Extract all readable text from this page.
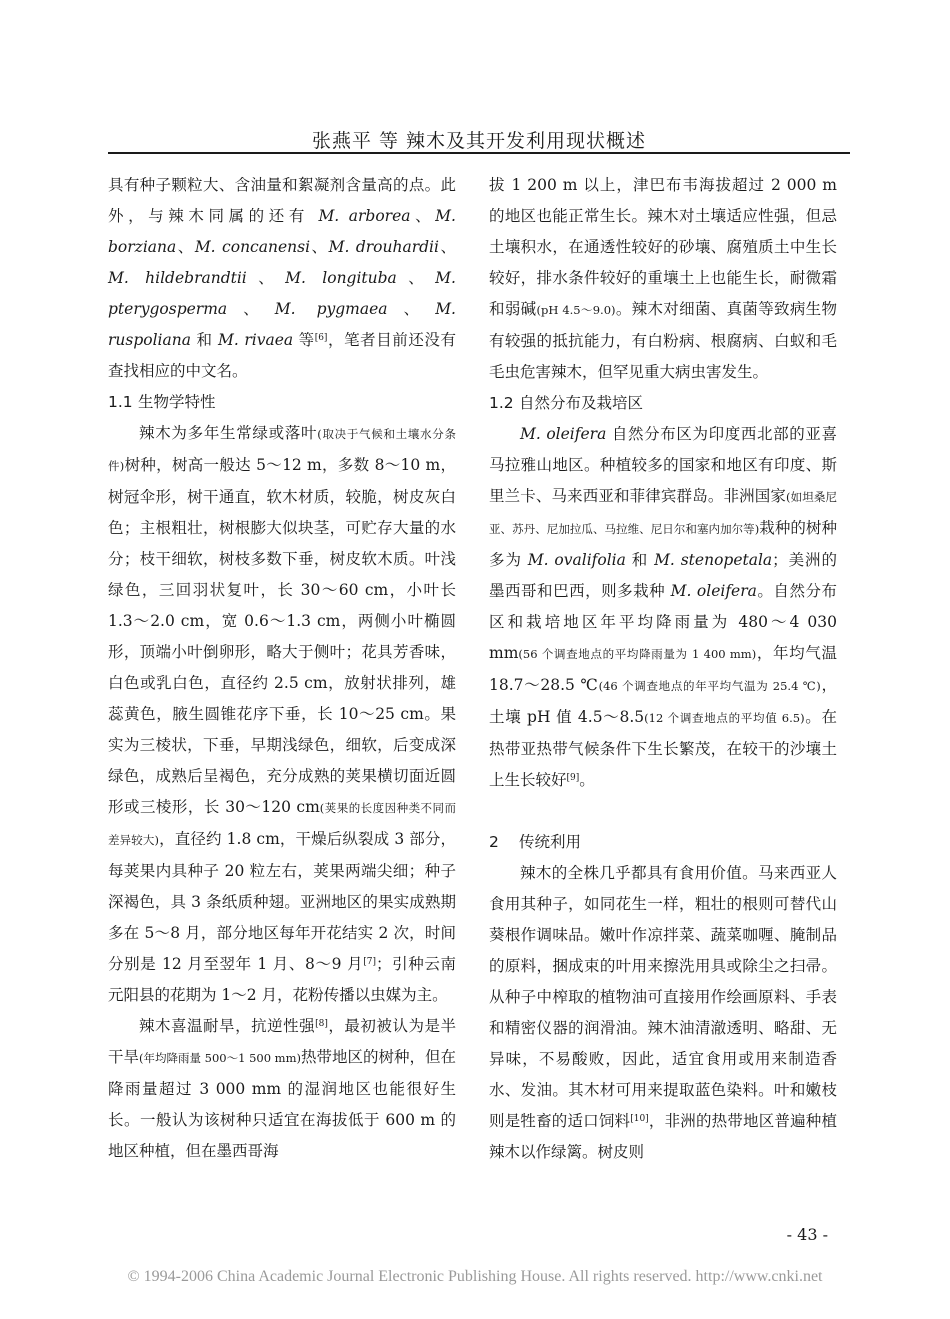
张燕平 等 辣木及其开发利用现状概述

具有种子颗粒大、含油量和絮凝剂含量高的点。此外，与辣木同属的还有 M. arborea、M. borziana、M. concanensi、M. drouhardii、M. hildebrandtii、M. longituba、M. pterygosperma、M. pygmaea、M. ruspoliana 和 M. rivaea 等[6]，笔者目前还没有查找相应的中文名。

1.1 生物学特性

辣木为多年生常绿或落叶(取决于气候和土壤水分条件)树种，树高一般达 5～12 m，多数 8～10 m，树冠伞形，树干通直，软木材质，较脆，树皮灰白色；主根粗壮，树根膨大似块茎，可贮存大量的水分；枝干细软，树枝多数下垂，树皮软木质。叶浅绿色，三回羽状复叶，长 30～60 cm，小叶长 1.3～2.0 cm，宽 0.6～1.3 cm，两侧小叶椭圆形，顶端小叶倒卵形，略大于侧叶；花具芳香味，白色或乳白色，直径约 2.5 cm，放射状排列，雄蕊黄色，腋生圆锥花序下垂，长 10～25 cm。果实为三棱状，下垂，早期浅绿色，细软，后变成深绿色，成熟后呈褐色，充分成熟的荚果横切面近圆形或三棱形，长 30～120 cm(荚果的长度因种类不同而差异较大)，直径约 1.8 cm，干燥后纵裂成 3 部分，每荚果内具种子 20 粒左右，荚果两端尖细；种子深褐色，具 3 条纸质种翅。亚洲地区的果实成熟期多在 5～8 月，部分地区每年开花结实 2 次，时间分别是 12 月至翌年 1 月、8～9 月[7]；引种云南元阳县的花期为 1～2 月，花粉传播以虫媒为主。

辣木喜温耐旱，抗逆性强[8]，最初被认为是半干旱(年均降雨量 500～1 500 mm)热带地区的树种，但在降雨量超过 3 000 mm 的湿润地区也能很好生长。一般认为该树种只适宜在海拔低于 600 m 的地区种植，但在墨西哥海

拔 1 200 m 以上，津巴布韦海拔超过 2 000 m 的地区也能正常生长。辣木对土壤适应性强，但忌土壤积水，在通透性较好的砂壤、腐殖质土中生长较好，排水条件较好的重壤土上也能生长，耐微霜和弱碱(pH 4.5～9.0)。辣木对细菌、真菌等致病生物有较强的抵抗能力，有白粉病、根腐病、白蚁和毛毛虫危害辣木，但罕见重大病虫害发生。

1.2 自然分布及栽培区

M. oleifera 自然分布区为印度西北部的亚喜马拉雅山地区。种植较多的国家和地区有印度、斯里兰卡、马来西亚和菲律宾群岛。非洲国家(如坦桑尼亚、苏丹、尼加拉瓜、马拉维、尼日尔和塞内加尔等)栽种的树种多为 M. ovalifolia 和 M. stenopetala；美洲的墨西哥和巴西，则多栽种 M. oleifera。自然分布区和栽培地区年平均降雨量为 480～4 030 mm(56 个调查地点的平均降雨量为 1 400 mm)，年均气温 18.7～28.5 ℃(46 个调查地点的年平均气温为 25.4 ℃)，土壤 pH 值 4.5～8.5(12 个调查地点的平均值 6.5)。在热带亚热带气候条件下生长繁茂，在较干的沙壤土上生长较好[9]。

2 传统利用

辣木的全株几乎都具有食用价值。马来西亚人食用其种子，如同花生一样，粗壮的根则可替代山葵根作调味品。嫩叶作凉拌菜、蔬菜咖喱、腌制品的原料，捆成束的叶用来擦洗用具或除尘之扫帚。从种子中榨取的植物油可直接用作绘画原料、手表和精密仪器的润滑油。辣木油清澈透明、略甜、无异味，不易酸败，因此，适宜食用或用来制造香水、发油。其木材可用来提取蓝色染料。叶和嫩枝则是牲畜的适口饲料[10]，非洲的热带地区普遍种植辣木以作绿篱。树皮则

- 43 -
© 1994-2006 China Academic Journal Electronic Publishing House. All rights reserved. http://www.cnki.net
